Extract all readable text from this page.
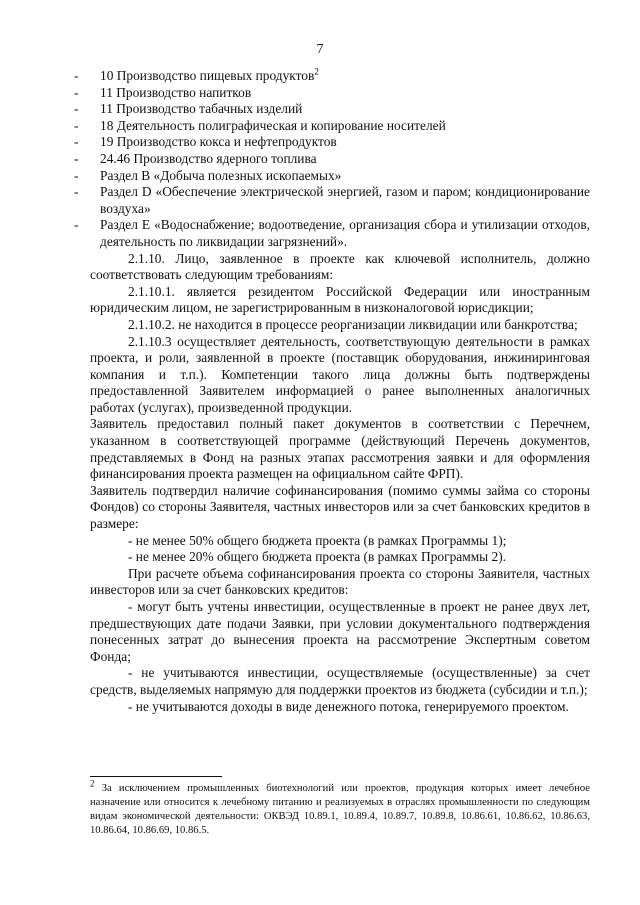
7
- 10 Производство пищевых продуктов$^2$
- 11 Производство напитков
- 11 Производство табачных изделий
- 18 Деятельность полиграфическая и копирование носителей
- 19 Производство кокса и нефтепродуктов
- 24.46 Производство ядерного топлива
- Раздел B «Добыча полезных ископаемых»
- Раздел D «Обеспечение электрической энергией, газом и паром; кондиционирование воздуха»
- Раздел E «Водоснабжение; водоотведение, организация сбора и утилизации отходов, деятельность по ликвидации загрязнений».

2.1.10. Лицо, заявленное в проекте как ключевой исполнитель, должно соответствовать следующим требованиям:

2.1.10.1. является резидентом Российской Федерации или иностранным юридическим лицом, не зарегистрированным в низконалоговой юрисдикции;

2.1.10.2. не находится в процессе реорганизации ликвидации или банкротства;

2.1.10.3 осуществляет деятельность, соответствующую деятельности в рамках проекта, и роли, заявленной в проекте (поставщик оборудования, инжиниринговая компания и т.п.). Компетенции такого лица должны быть подтверждены предоставленной Заявителем информацией о ранее выполненных аналогичных работах (услугах), произведенной продукции.

Заявитель предоставил полный пакет документов в соответствии с Перечнем, указанном в соответствующей программе (действующий Перечень документов, представляемых в Фонд на разных этапах рассмотрения заявки и для оформления финансирования проекта размещен на официальном сайте ФРП).

Заявитель подтвердил наличие софинансирования (помимо суммы займа со стороны Фондов) со стороны Заявителя, частных инвесторов или за счет банковских кредитов в размере:

- не менее 50% общего бюджета проекта (в рамках Программы 1);

- не менее 20% общего бюджета проекта (в рамках Программы 2).

При расчете объема софинансирования проекта со стороны Заявителя, частных инвесторов или за счет банковских кредитов:

- могут быть учтены инвестиции, осуществленные в проект не ранее двух лет, предшествующих дате подачи Заявки, при условии документального подтверждения понесенных затрат до вынесения проекта на рассмотрение Экспертным советом Фонда;

- не учитываются инвестиции, осуществляемые (осуществленные) за счет средств, выделяемых напрямую для поддержки проектов из бюджета (субсидии и т.п.);

- не учитываются доходы в виде денежного потока, генерируемого проектом.

$^2$ За исключением промышленных биотехнологий или проектов, продукция которых имеет лечебное назначение или относится к лечебному питанию и реализуемых в отраслях промышленности по следующим видам экономической деятельности: ОКВЭД 10.89.1, 10.89.4, 10.89.7, 10.89.8, 10.86.61, 10.86.62, 10.86.63, 10.86.64, 10.86.69, 10.86.5.
